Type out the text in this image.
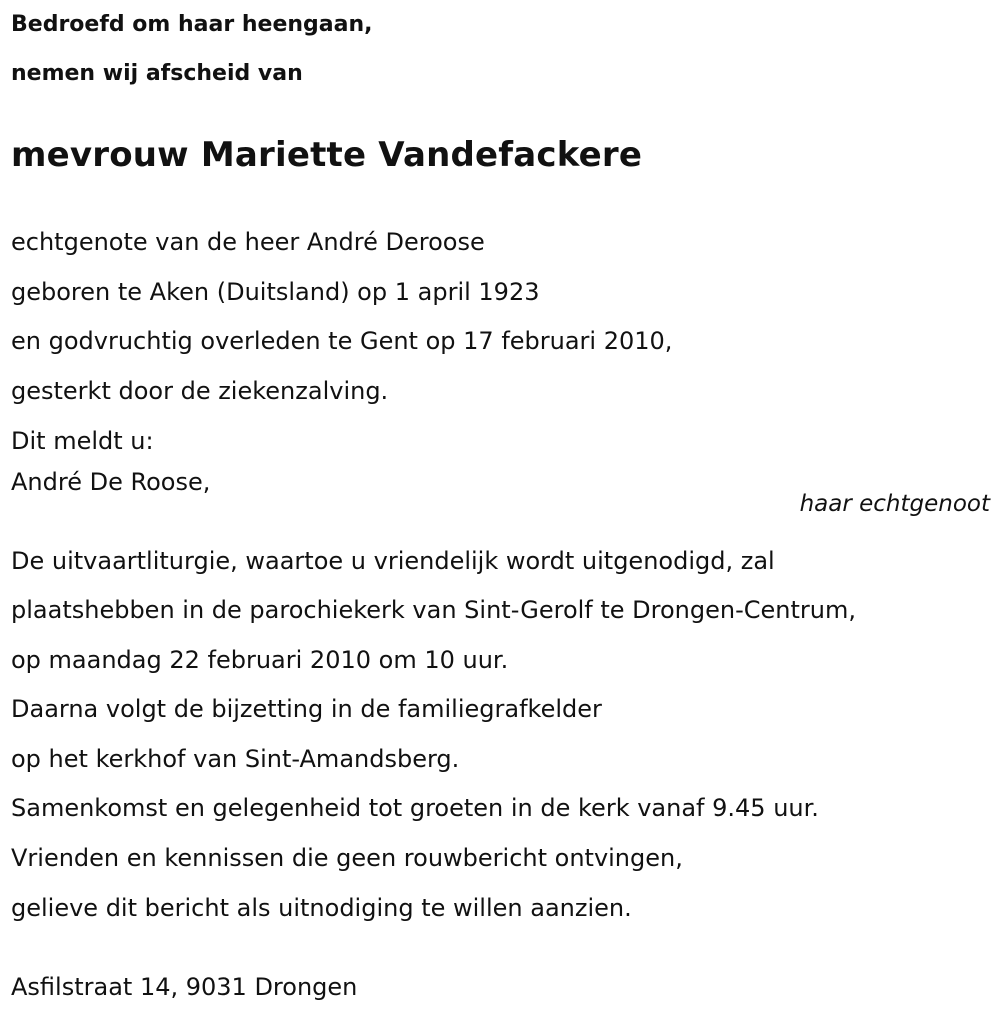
Bedroefd om haar heengaan,
nemen wij afscheid van
mevrouw Mariette Vandefackere
echtgenote van de heer André Deroose
geboren te Aken (Duitsland) op 1 april 1923
en godvruchtig overleden te Gent op 17 februari 2010,
gesterkt door de ziekenzalving.
Dit meldt u:
André De Roose,
haar echtgenoot
De uitvaartliturgie, waartoe u vriendelijk wordt uitgenodigd, zal
plaatshebben in de parochiekerk van Sint-Gerolf te Drongen-Centrum,
op maandag 22 februari 2010 om 10 uur.
Daarna volgt de bijzetting in de familiegrafkelder
op het kerkhof van Sint-Amandsberg.
Samenkomst en gelegenheid tot groeten in de kerk vanaf 9.45 uur.
Vrienden en kennissen die geen rouwbericht ontvingen,
gelieve dit bericht als uitnodiging te willen aanzien.
Asfilstraat 14, 9031 Drongen
